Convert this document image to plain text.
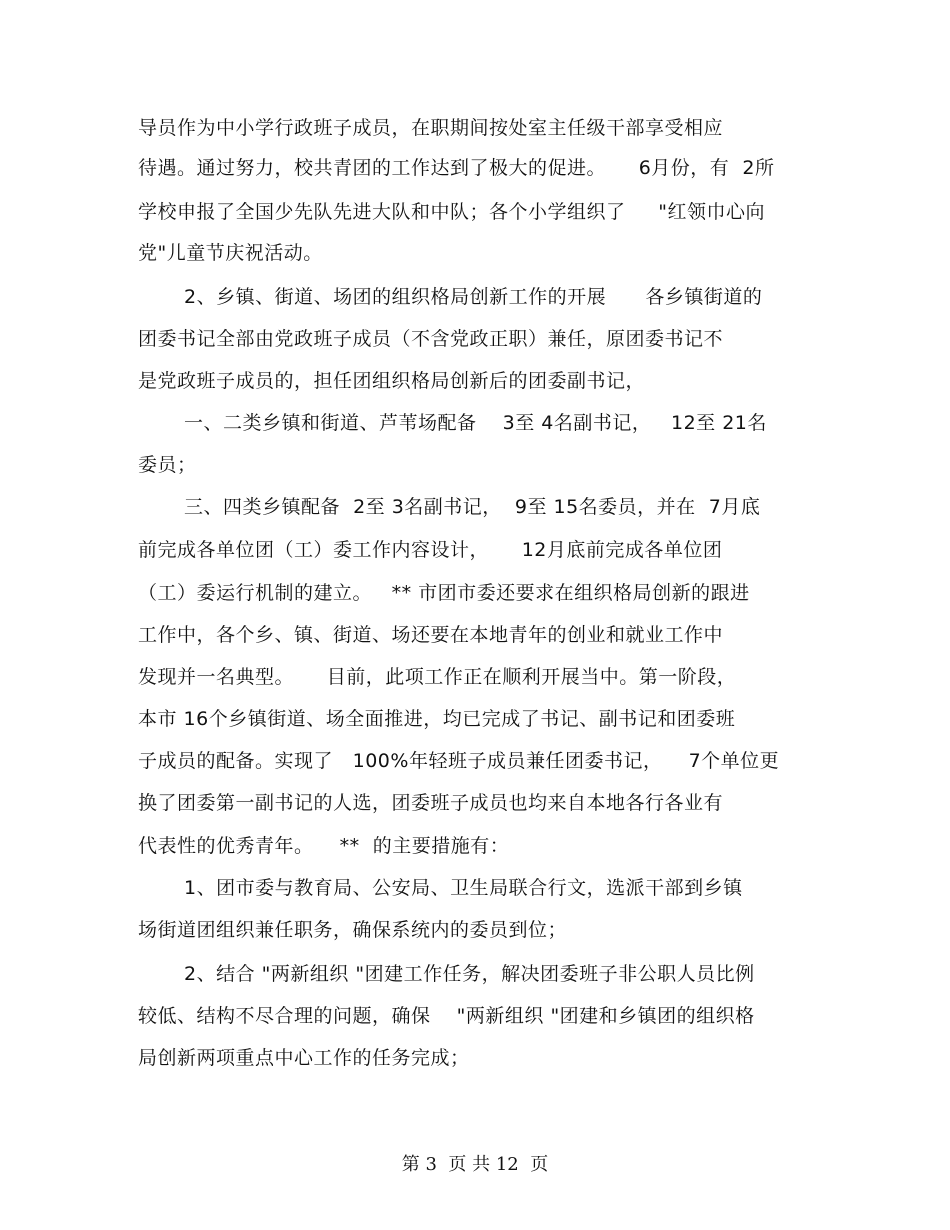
导员作为中小学行政班子成员，在职期间按处室主任级干部享受相应
待遇。通过努力，校共青团的工作达到了极大的促进。     6月份，有  2所
学校申报了全国少先队先进大队和中队；各个小学组织了     "红领巾心向
党"儿童节庆祝活动。
2、乡镇、街道、场团的组织格局创新工作的开展      各乡镇街道的
团委书记全部由党政班子成员（不含党政正职）兼任，原团委书记不
是党政班子成员的，担任团组织格局创新后的团委副书记，
一、二类乡镇和街道、芦苇场配备    3至 4名副书记，   12至 21名
委员；
三、四类乡镇配备  2至 3名副书记，  9至 15名委员，并在  7月底
前完成各单位团（工）委工作内容设计，     12月底前完成各单位团
（工）委运行机制的建立。   ** 市团市委还要求在组织格局创新的跟进
工作中，各个乡、镇、街道、场还要在本地青年的创业和就业工作中
发现并一名典型。     目前，此项工作正在顺利开展当中。第一阶段，
本市 16个乡镇街道、场全面推进，均已完成了书记、副书记和团委班
子成员的配备。实现了   100%年轻班子成员兼任团委书记，    7个单位更
换了团委第一副书记的人选，团委班子成员也均来自本地各行各业有
代表性的优秀青年。    **  的主要措施有：
1、团市委与教育局、公安局、卫生局联合行文，选派干部到乡镇
场街道团组织兼任职务，确保系统内的委员到位；
2、结合 "两新组织 "团建工作任务，解决团委班子非公职人员比例
较低、结构不尽合理的问题，确保    "两新组织 "团建和乡镇团的组织格
局创新两项重点中心工作的任务完成；
第 3  页 共 12  页
